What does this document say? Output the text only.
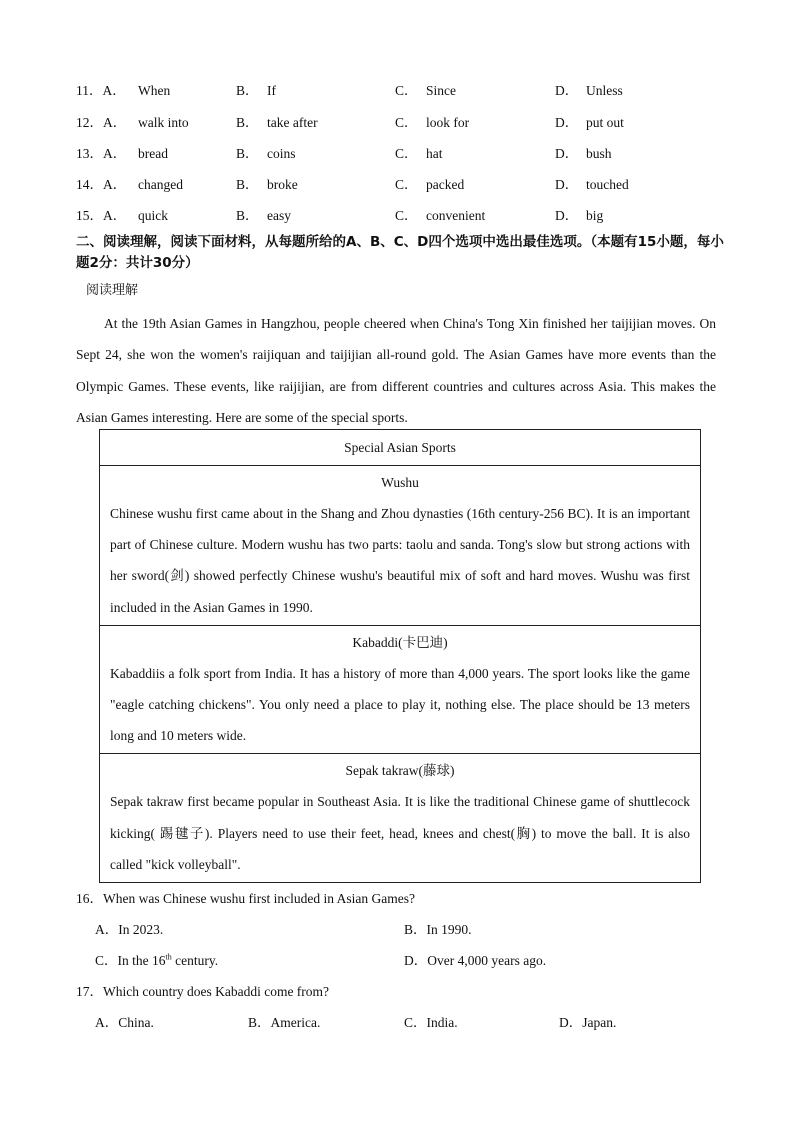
11．A． When	B． If	C． Since	D． Unless
12．A． walk into	B． take after	C． look for	D． put out
13．A． bread	B． coins	C． hat	D． bush
14．A． changed	B． broke	C． packed	D． touched
15．A． quick	B． easy	C． convenient	D． big
二、阅读理解，阅读下面材料，从每题所给的A、B、C、D四个选项中选出最佳选项。（本题有15小题，每小题2分：共计30分）
阅读理解

At the 19th Asian Games in Hangzhou, people cheered when China's Tong Xin finished her taijijian moves. On Sept 24, she won the women's raijiquan and taijijian all-round gold. The Asian Games have more events than the Olympic Games. These events, like raijijian, are from different countries and cultures across Asia. This makes the Asian Games interesting. Here are some of the special sports.

Special Asian Sports
Wushu
Chinese wushu first came about in the Shang and Zhou dynasties (16th century-256 BC). It is an important part of Chinese culture. Modern wushu has two parts: taolu and sanda. Tong's slow but strong actions with her sword(剑) showed perfectly Chinese wushu's beautiful mix of soft and hard moves. Wushu was first included in the Asian Games in 1990.
Kabaddi(卡巴迪)
Kabaddiis a folk sport from India. It has a history of more than 4,000 years. The sport looks like the game "eagle catching chickens". You only need a place to play it, nothing else. The place should be 13 meters long and 10 meters wide.
Sepak takraw(藤球)
Sepak takraw first became popular in Southeast Asia. It is like the traditional Chinese game of shuttlecock kicking( 踢毽子). Players need to use their feet, head, knees and chest(胸) to move the ball. It is also called "kick volleyball".
16．When was Chinese wushu first included in Asian Games?
A．In 2023.	B．In 1990.
C．In the 16th century.	D．Over 4,000 years ago.
17．Which country does Kabaddi come from?
A．China.	B．America.	C．India.	D．Japan.
